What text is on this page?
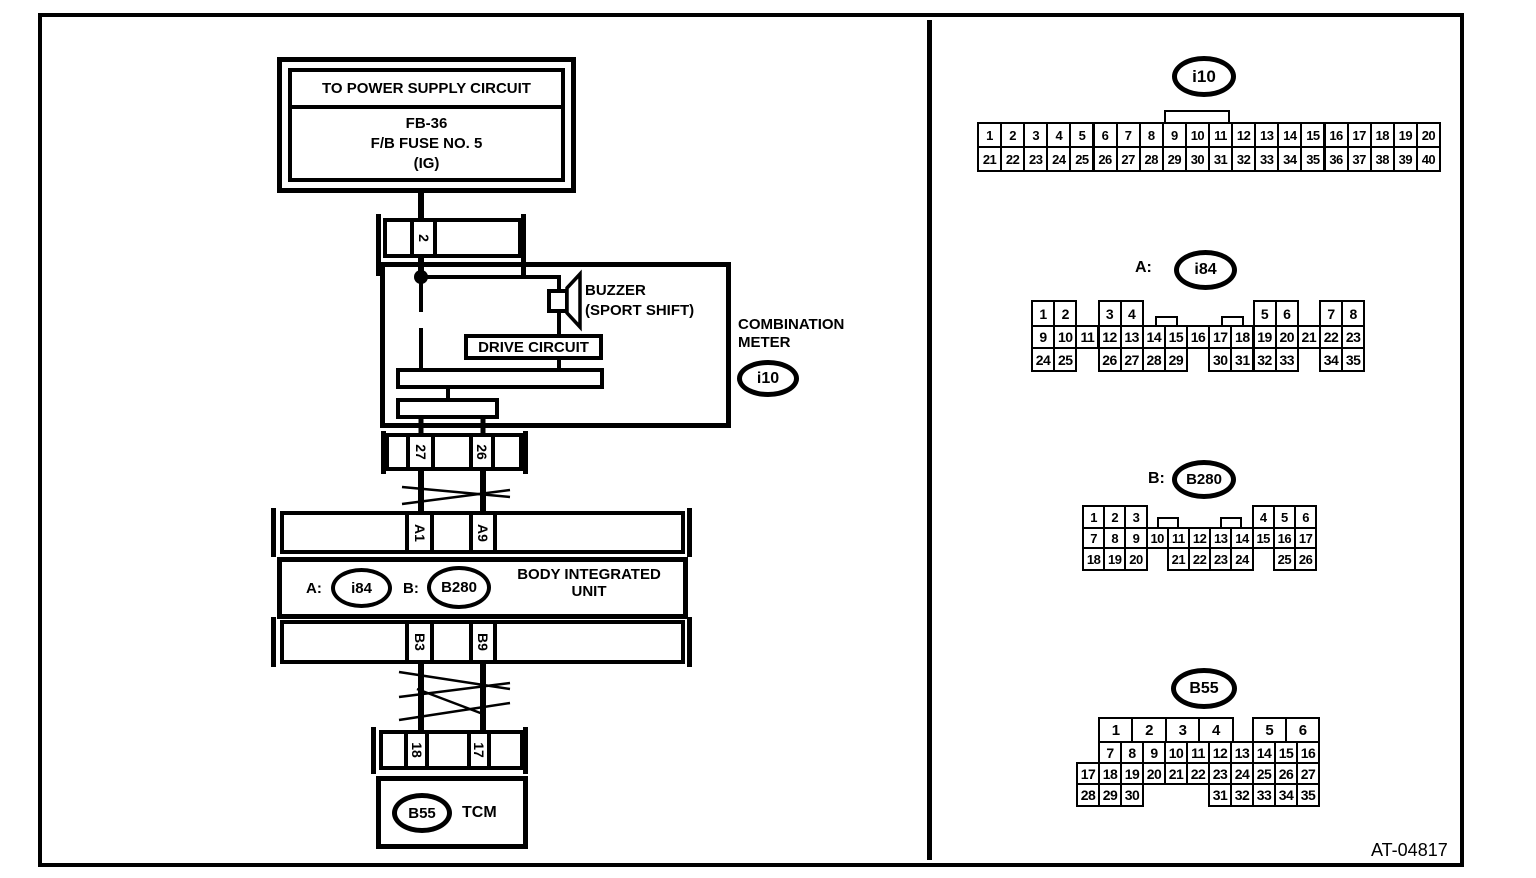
TO POWER SUPPLY CIRCUIT
FB-36
F/B FUSE NO. 5
(IG)
2
BUZZER
(SPORT SHIFT)
DRIVE CIRCUIT
COMBINATION METER
i10
27	26
A1	A9
A:	i84	B:	B280
BODY INTEGRATED UNIT
B3	B9
18	17
B55	TCM
i10
A:	i84
B:	B280
B55
AT-04817
1	2	3	4	5	6	7	8	9	10 11 12 13 14 15 16 17 18 19 20
21 22 23 24 25 26 27 28 29 30 31 32 33 34 35 36 37 38 39 40
1	2	3	4	5	6	7	8
9 10 11 12 13 14 15 16 17 18 19 20 21 22 23
24 25	26 27 28 29	30 31 32 33	34 35
1	2	3	4	5	6
7	8	9 10 11 12 13 14 15 16 17
18 19 20	21 22 23 24	25 26
1	2	3	4	5	6
7	8	9 10 11 12 13 14 15 16
17 18 19 20 21 22 23 24 25 26 27
28 29 30	31 32 33 34 35
